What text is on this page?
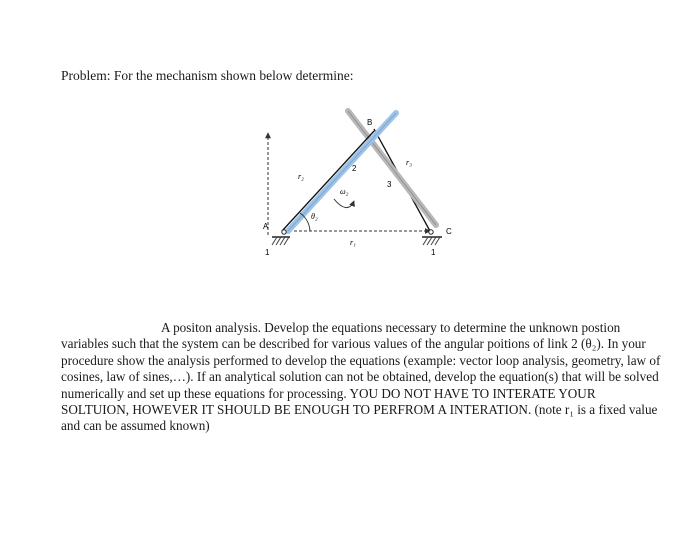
Problem: For the mechanism shown below determine:
A
B
C
1	1
2
3
r₁
r₂
r₃
θ₂
ω₂

A positon analysis. Develop the equations necessary to determine the unknown postion variables such that the system can be described for various values of the angular poitions of link 2 (θ₂). In your procedure show the analysis performed to develop the equations (example: vector loop analysis, geometry, law of cosines, law of sines,…). If an analytical solution can not be obtained, develop the equation(s) that will be solved numerically and set up these equations for processing. YOU DO NOT HAVE TO INTERATE YOUR SOLTUION, HOWEVER IT SHOULD BE ENOUGH TO PERFROM A INTERATION. (note r₁ is a fixed value and can be assumed known)
